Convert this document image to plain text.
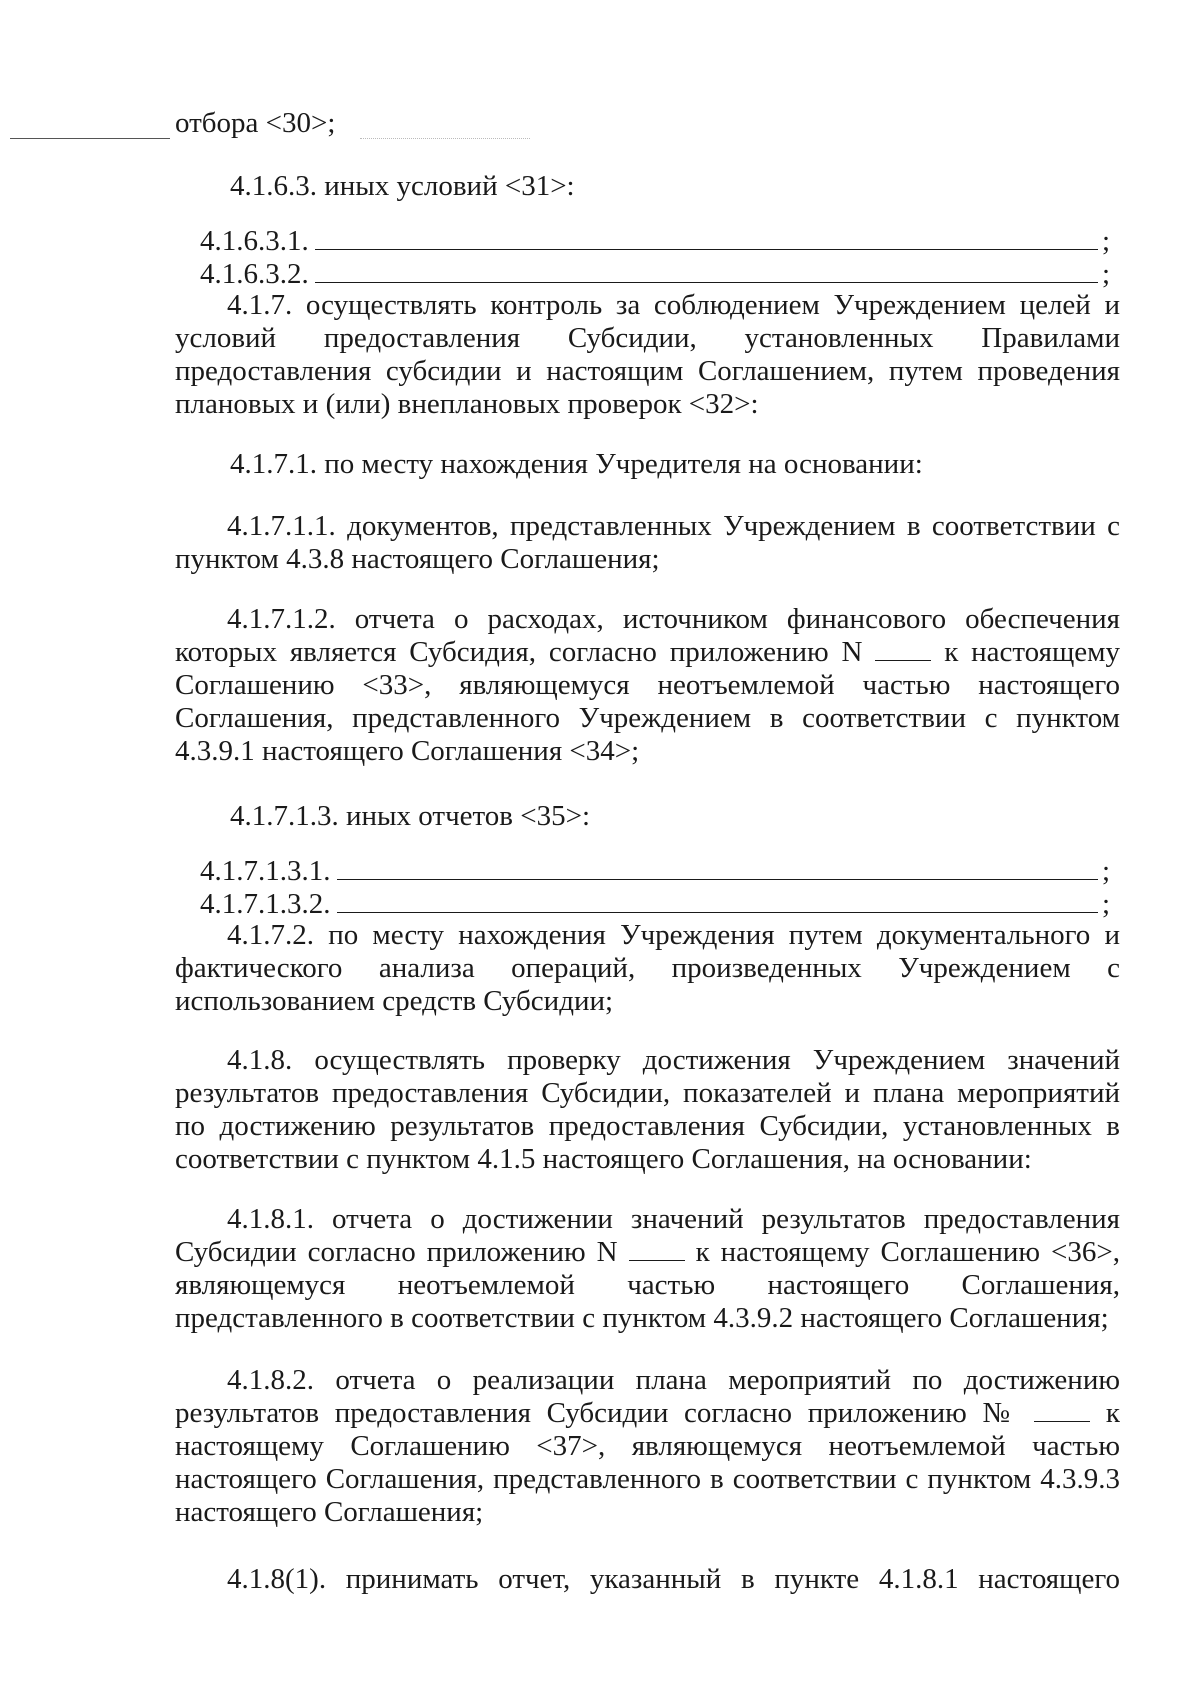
отбора <30>;
4.1.6.3. иных условий <31>:
4.1.6.3.1.	;
4.1.6.3.2.	;
4.1.7. осуществлять контроль за соблюдением Учреждением целей и условий предоставления Субсидии, установленных Правилами предоставления субсидии и настоящим Соглашением, путем проведения плановых и (или) внеплановых проверок <32>:
4.1.7.1. по месту нахождения Учредителя на основании:
4.1.7.1.1. документов, представленных Учреждением в соответствии с пунктом 4.3.8 настоящего Соглашения;
4.1.7.1.2. отчета о расходах, источником финансового обеспечения которых является Субсидия, согласно приложению N	к настоящему Соглашению <33>, являющемуся неотъемлемой частью настоящего Соглашения, представленного Учреждением в соответствии с пунктом 4.3.9.1 настоящего Соглашения <34>;
4.1.7.1.3. иных отчетов <35>:
4.1.7.1.3.1.	;
4.1.7.1.3.2.	;
4.1.7.2. по месту нахождения Учреждения путем документального и фактического анализа операций, произведенных Учреждением с использованием средств Субсидии;
4.1.8. осуществлять проверку достижения Учреждением значений результатов предоставления Субсидии, показателей и плана мероприятий по достижению результатов предоставления Субсидии, установленных в соответствии с пунктом 4.1.5 настоящего Соглашения, на основании:
4.1.8.1. отчета о достижении значений результатов предоставления Субсидии согласно приложению N	к настоящему Соглашению <36>, являющемуся неотъемлемой частью настоящего Соглашения, представленного в соответствии с пунктом 4.3.9.2 настоящего Соглашения;
4.1.8.2. отчета о реализации плана мероприятий по достижению результатов предоставления Субсидии согласно приложению №	к настоящему Соглашению <37>, являющемуся неотъемлемой частью настоящего Соглашения, представленного в соответствии с пунктом 4.3.9.3 настоящего Соглашения;
4.1.8(1). принимать отчет, указанный в пункте 4.1.8.1 настоящего
